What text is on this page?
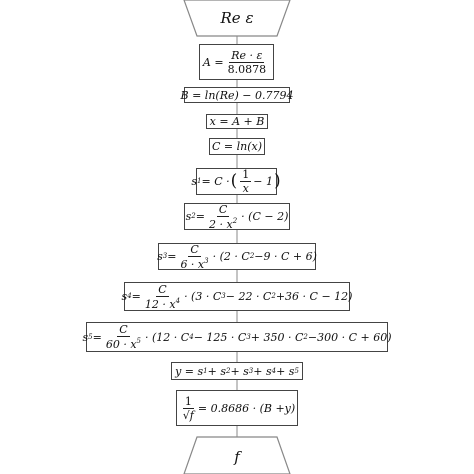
Re ε
f
$A = \frac{Re \cdot \varepsilon}{8.0878}$
B = ln(Re) − 0.7794
x = A + B
C = ln(x)
s 1 = C · ( $\frac{1}{x} - 1$ )
s $2 = \frac{C}{2 \cdot x^2} \cdot (C - 2)$
s $3 = \frac{C}{6 \cdot x^3} \cdot (2 \cdot C$ 2 −9 · C + 6)
s $4 = \frac{C}{12 \cdot x^4} \cdot (3 \cdot C$ 3 − 22 · C 2 +36 · C − 12)
s $5 = \frac{C}{60 \cdot x^5} \cdot (12 \cdot C$ 4 − 125 · C 3 + 350 · C 2 −300 · C + 60)
y = s 1 + s 2 + s 3 + s 4 + s 5
$\frac{1}{√f} = 0.8686 \cdot (B +y)$
